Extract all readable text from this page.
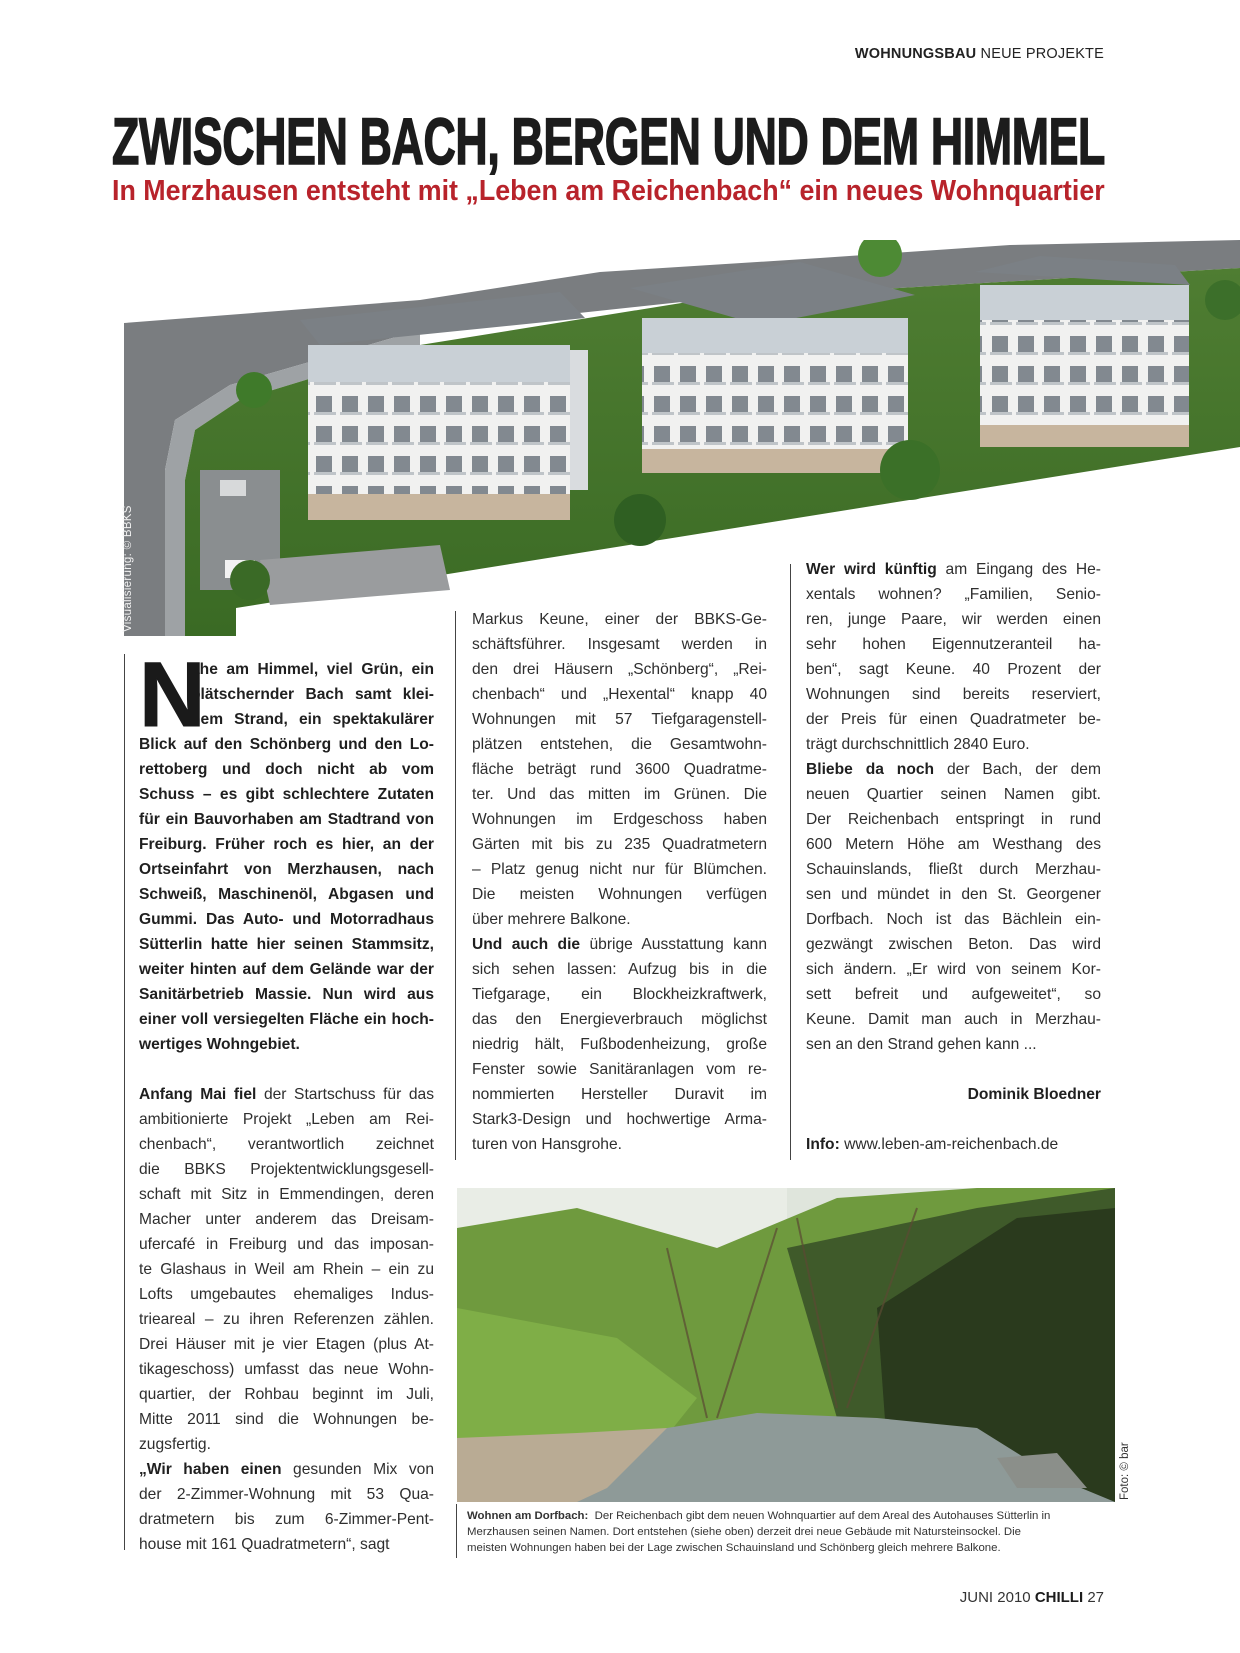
WOHNUNGSBAU NEUE PROJEKTE
ZWISCHEN BACH, BERGEN UND DEM HIMMEL
In Merzhausen entsteht mit „Leben am Reichenbach“ ein neues Wohnquartier
Visualisierung: © BBKS
N
ahe am Himmel, viel Grün, ein
plätschernder Bach samt klei-
nem Strand, ein spektakulärer
Blick auf den Schönberg und den Lo-
rettoberg und doch nicht ab vom
Schuss – es gibt schlechtere Zutaten
für ein Bauvorhaben am Stadtrand von
Freiburg. Früher roch es hier, an der
Ortseinfahrt von Merzhausen, nach
Schweiß, Maschinenöl, Abgasen und
Gummi. Das Auto- und Motorradhaus
Sütterlin hatte hier seinen Stammsitz,
weiter hinten auf dem Gelände war der
Sanitärbetrieb Massie. Nun wird aus
einer voll versiegelten Fläche ein hoch-
wertiges Wohngebiet.
Anfang Mai fiel der Startschuss für das
ambitionierte Projekt „Leben am Rei-
chenbach“, verantwortlich zeichnet
die BBKS Projektentwicklungsgesell-
schaft mit Sitz in Emmendingen, deren
Macher unter anderem das Dreisam-
ufercafé in Freiburg und das imposan-
te Glashaus in Weil am Rhein – ein zu
Lofts umgebautes ehemaliges Indus-
trieareal – zu ihren Referenzen zählen.
Drei Häuser mit je vier Etagen (plus At-
tikageschoss) umfasst das neue Wohn-
quartier, der Rohbau beginnt im Juli,
Mitte 2011 sind die Wohnungen be-
zugsfertig.
„Wir haben einen gesunden Mix von
der 2-Zimmer-Wohnung mit 53 Qua-
dratmetern bis zum 6-Zimmer-Pent-
house mit 161 Quadratmetern“, sagt
Markus Keune, einer der BBKS-Ge-
schäftsführer. Insgesamt werden in
den drei Häusern „Schönberg“, „Rei-
chenbach“ und „Hexental“ knapp 40
Wohnungen mit 57 Tiefgaragenstell-
plätzen entstehen, die Gesamtwohn-
fläche beträgt rund 3600 Quadratme-
ter. Und das mitten im Grünen. Die
Wohnungen im Erdgeschoss haben
Gärten mit bis zu 235 Quadratmetern
– Platz genug nicht nur für Blümchen.
Die meisten Wohnungen verfügen
über mehrere Balkone.
Und auch die übrige Ausstattung kann
sich sehen lassen: Aufzug bis in die
Tiefgarage, ein Blockheizkraftwerk,
das den Energieverbrauch möglichst
niedrig hält, Fußbodenheizung, große
Fenster sowie Sanitäranlagen vom re-
nommierten Hersteller Duravit im
Stark3-Design und hochwertige Arma-
turen von Hansgrohe.
Wer wird künftig am Eingang des He-
xentals wohnen? „Familien, Senio-
ren, junge Paare, wir werden einen
sehr hohen Eigennutzeranteil ha-
ben“, sagt Keune. 40 Prozent der
Wohnungen sind bereits reserviert,
der Preis für einen Quadratmeter be-
trägt durchschnittlich 2840 Euro.
Bliebe da noch der Bach, der dem
neuen Quartier seinen Namen gibt.
Der Reichenbach entspringt in rund
600 Metern Höhe am Westhang des
Schauinslands, fließt durch Merzhau-
sen und mündet in den St. Georgener
Dorfbach. Noch ist das Bächlein ein-
gezwängt zwischen Beton. Das wird
sich ändern. „Er wird von seinem Kor-
sett befreit und aufgeweitet“, so
Keune. Damit man auch in Merzhau-
sen an den Strand gehen kann ...
Dominik Bloedner
Info: www.leben-am-reichenbach.de
Foto: © bar
Wohnen am Dorfbach: Der Reichenbach gibt dem neuen Wohnquartier auf dem Areal des Autohauses Sütterlin in
Merzhausen seinen Namen. Dort entstehen (siehe oben) derzeit drei neue Gebäude mit Natursteinsockel. Die
meisten Wohnungen haben bei der Lage zwischen Schauinsland und Schönberg gleich mehrere Balkone.
JUNI 2010 CHILLI 27
